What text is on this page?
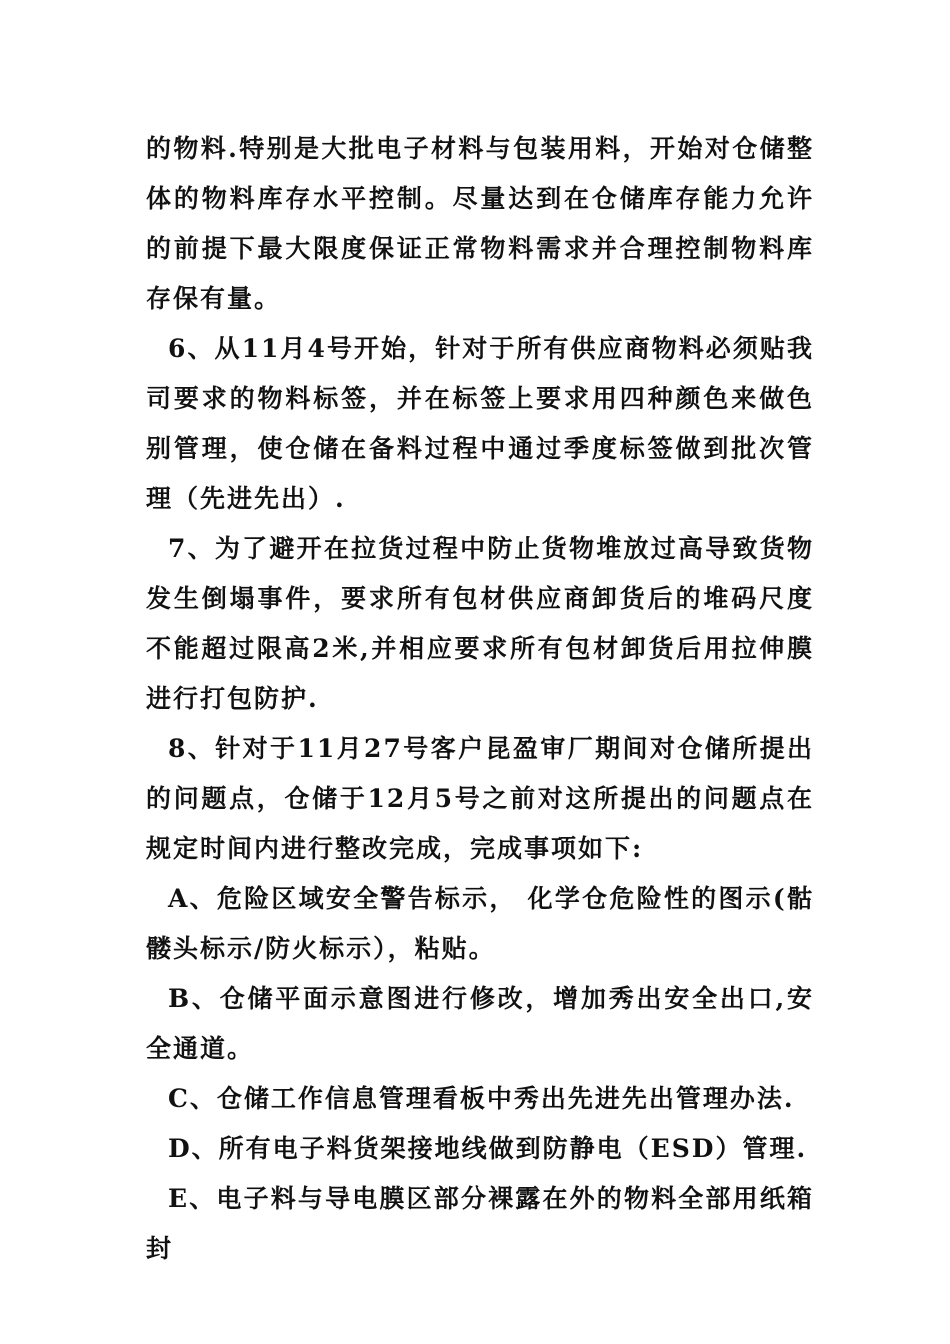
的物料.特别是大批电子材料与包装用料，开始对仓储整体的物料库存水平控制。尽量达到在仓储库存能力允许的前提下最大限度保证正常物料需求并合理控制物料库存保有量。

6、从11月4号开始，针对于所有供应商物料必须贴我司要求的物料标签，并在标签上要求用四种颜色来做色别管理，使仓储在备料过程中通过季度标签做到批次管理（先进先出）.

7、为了避开在拉货过程中防止货物堆放过高导致货物发生倒塌事件，要求所有包材供应商卸货后的堆码尺度不能超过限高2米,并相应要求所有包材卸货后用拉伸膜进行打包防护.

8、针对于11月27号客户昆盈审厂期间对仓储所提出的问题点，仓储于12月5号之前对这所提出的问题点在规定时间内进行整改完成，完成事项如下:

A、危险区域安全警告标示， 化学仓危险性的图示(骷髅头标示/防火标示），粘贴。

B、仓储平面示意图进行修改，增加秀出安全出口,安全通道。

C、仓储工作信息管理看板中秀出先进先出管理办法.

D、所有电子料货架接地线做到防静电（ESD）管理.

E、电子料与导电膜区部分裸露在外的物料全部用纸箱封
